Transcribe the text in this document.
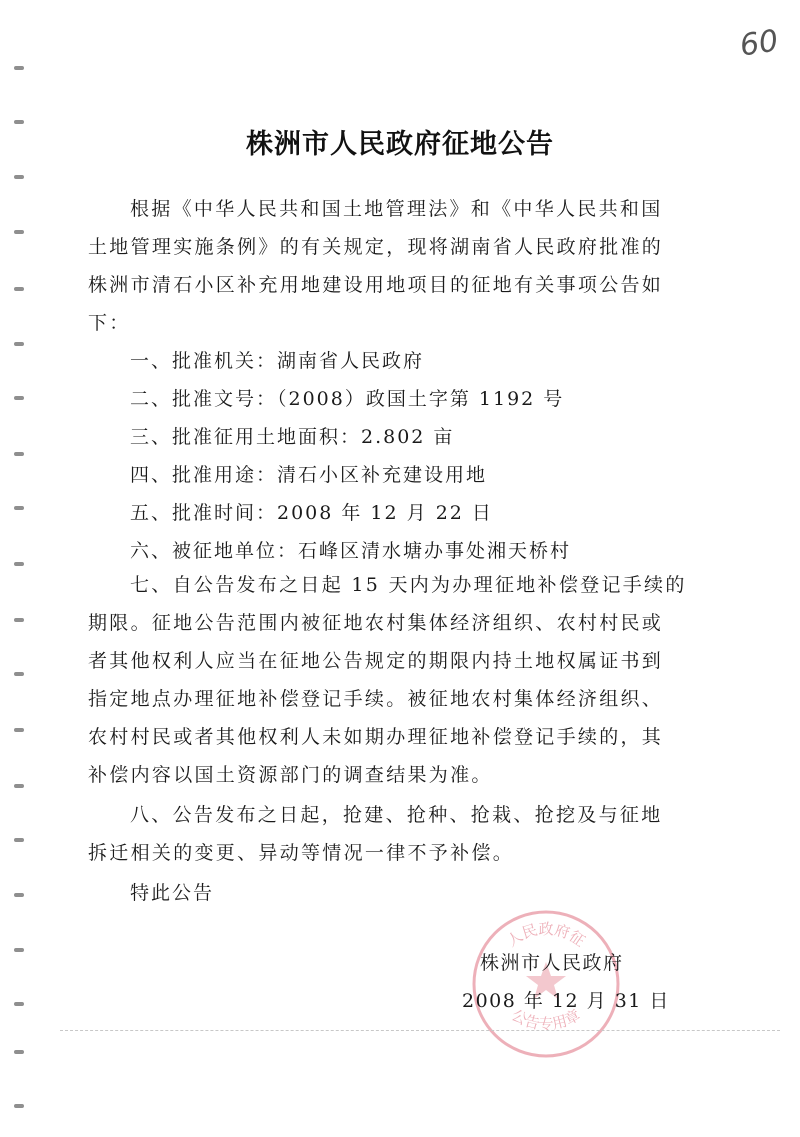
60
株洲市人民政府征地公告

根据《中华人民共和国土地管理法》和《中华人民共和国

土地管理实施条例》的有关规定，现将湖南省人民政府批准的

株洲市清石小区补充用地建设用地项目的征地有关事项公告如

下：

一、批准机关：湖南省人民政府
二、批准文号：（2008）政国土字第 1192 号
三、批准征用土地面积：2.802 亩
四、批准用途：清石小区补充建设用地
五、批准时间：2008 年 12 月 22 日
六、被征地单位：石峰区清水塘办事处湘天桥村

七、自公告发布之日起 15 天内为办理征地补偿登记手续的

期限。征地公告范围内被征地农村集体经济组织、农村村民或

者其他权利人应当在征地公告规定的期限内持土地权属证书到

指定地点办理征地补偿登记手续。被征地农村集体经济组织、

农村村民或者其他权利人未如期办理征地补偿登记手续的，其

补偿内容以国土资源部门的调查结果为准。

八、公告发布之日起，抢建、抢种、抢栽、抢挖及与征地

拆迁相关的变更、异动等情况一律不予补偿。

特此公告
人民政府征
公告专用章
株洲市人民政府
2008 年 12 月 31 日
